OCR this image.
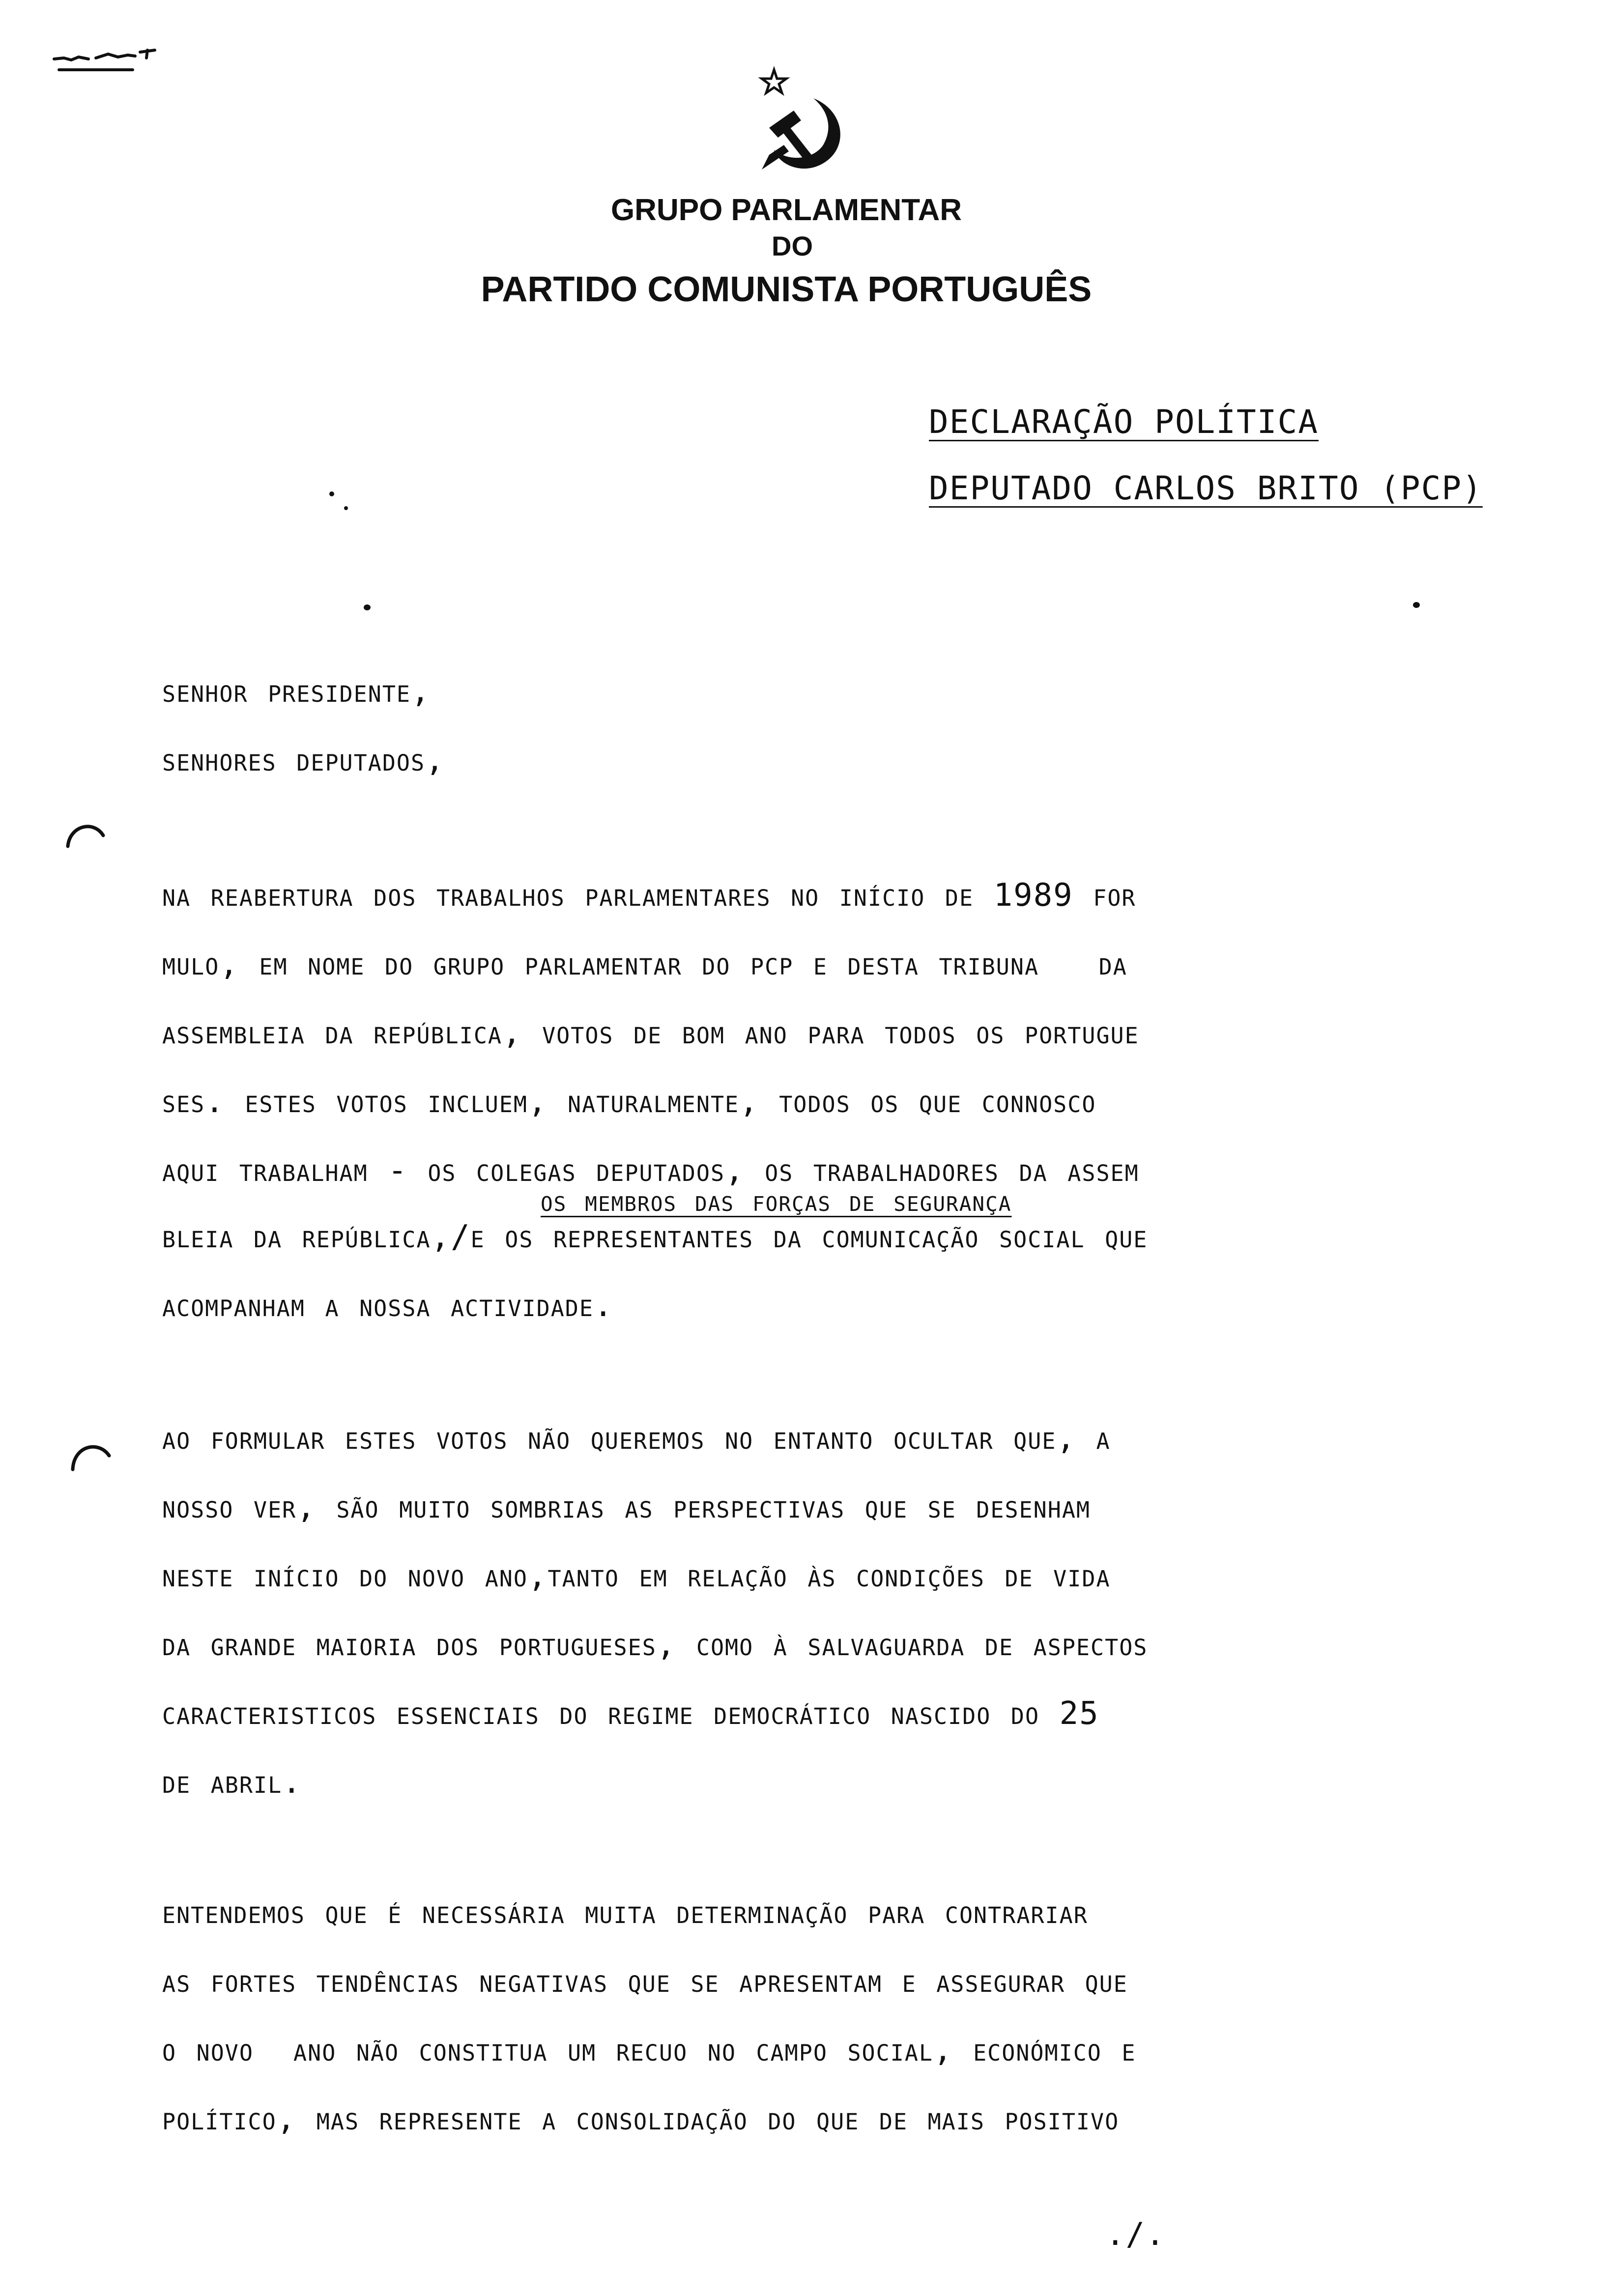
GRUPO PARLAMENTAR
DO
PARTIDO COMUNISTA PORTUGUÊS
DECLARAÇÃO POLÍTICA
DEPUTADO CARLOS BRITO (PCP)
senhor presidente,
senhores deputados,
na reabertura dos trabalhos parlamentares no início de 1989 for
mulo, em nome do grupo parlamentar do pcp e desta tribuna   da
assembleia da república, votos de bom ano para todos os portugue
ses. estes votos incluem, naturalmente, todos os que connosco
aqui trabalham - os colegas deputados, os trabalhadores da assem
os membros das forças de segurança
bleia da república,/e os representantes da comunicação social que
acompanham a nossa actividade.
ao formular estes votos não queremos no entanto ocultar que, a
nosso ver, são muito sombrias as perspectivas que se desenham
neste início do novo ano,tanto em relação às condições de vida
da grande maioria dos portugueses, como à salvaguarda de aspectos
caracteristicos essenciais do regime democrático nascido do 25
de abril.
entendemos que é necessária muita determinação para contrariar
as fortes tendências negativas que se apresentam e assegurar que
o novo  ano não constitua um recuo no campo social, económico e
político, mas represente a consolidação do que de mais positivo
./.
